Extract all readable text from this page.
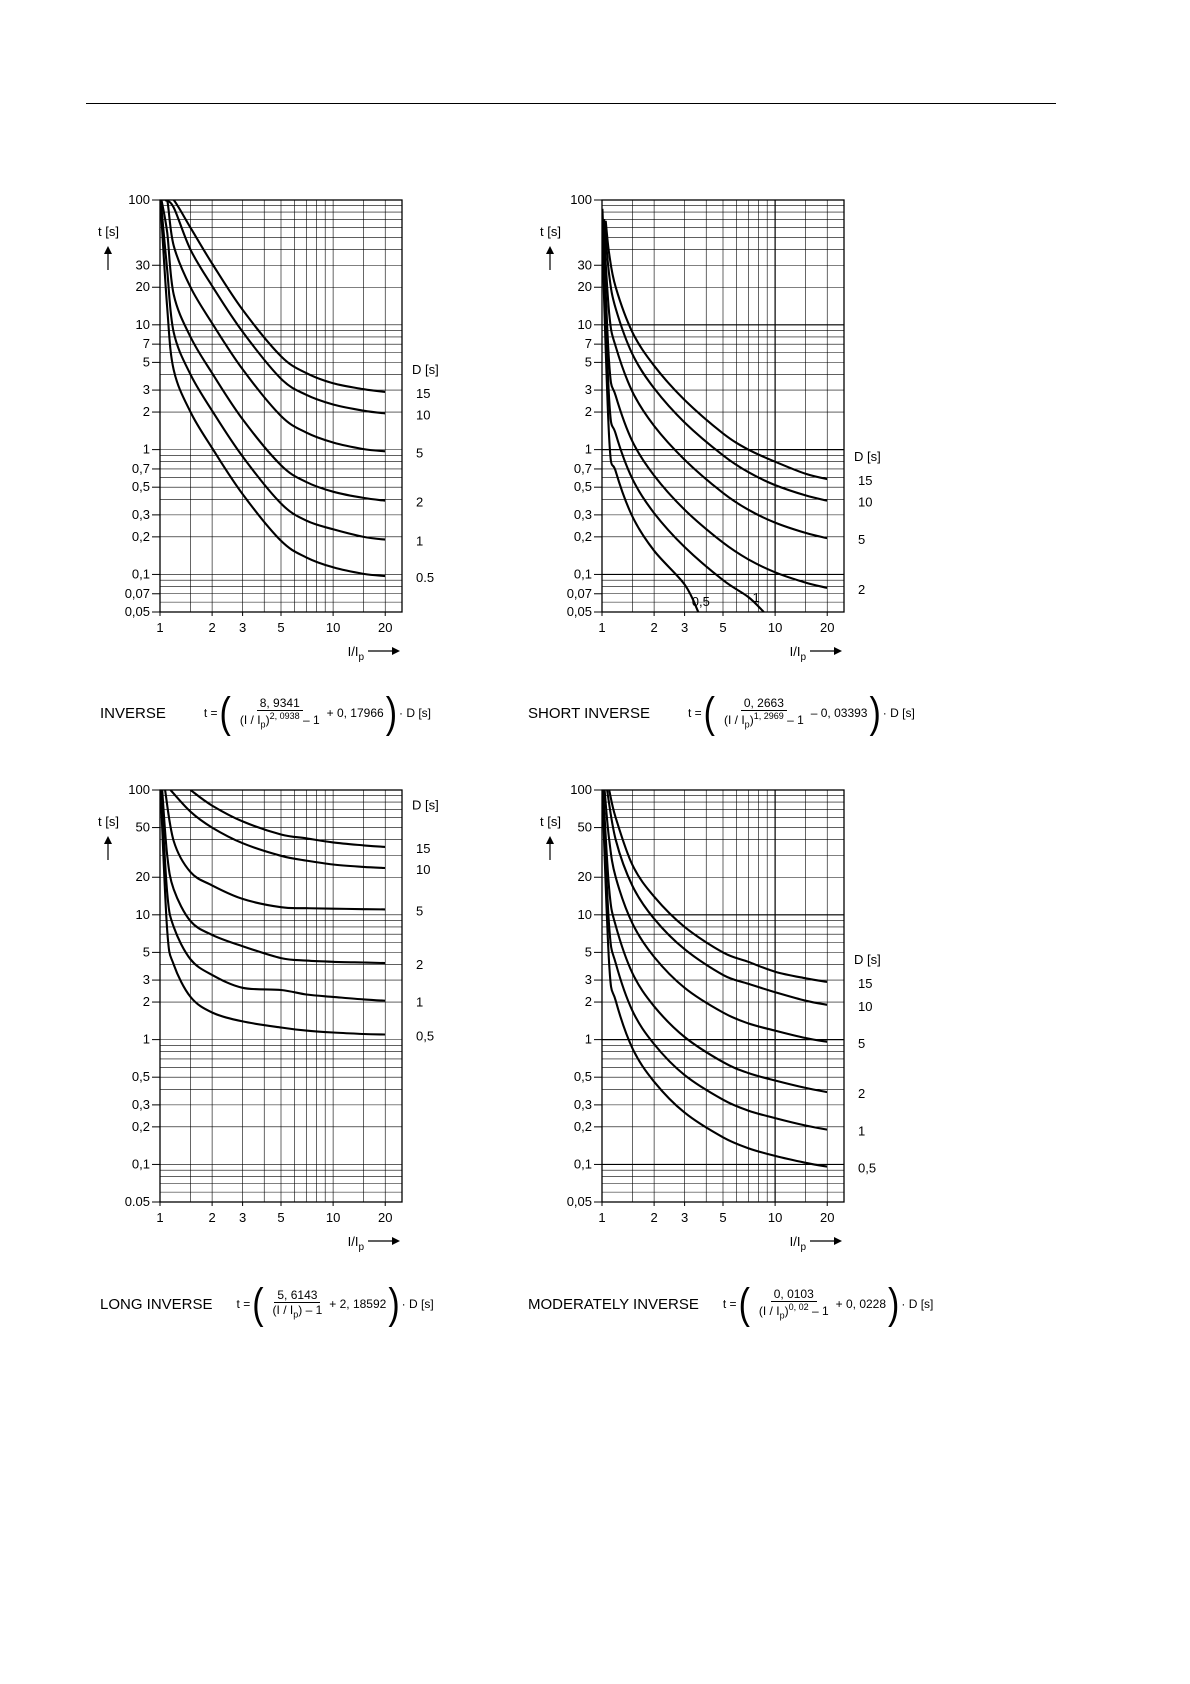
1	2 3 5	10	20
100
30
20
10
7
5
3
2
1
0,7
0,5
0,3
0,2
0,1
0,07
0,05
t [s]
$I/I_p$
D [s]
15
10
5
2
1
0.5
1	2 3 5	10	20
100
30
20
10
7
5
3
2
1
0,7
0,5
0,3
0,2
0,1
0,07
0,05
t [s]
$I/I_p$
D [s]
15
10
5
2
0,5	1
1	2 3 5	10	20
100
50
20
10
5
3
2
1
0,5
0,3
0,2
0,1
0.05
t [s]
$I/I_p$
D [s]
15
10
5
2
1
0,5
1	2 3 5	10	20
100
50
20
10
5
3
2
1
0,5
0,3
0,2
0,1
0,05
t [s]
$I/I_p$
D [s]
15
10
5
2
1
0,5
INVERSE	t = ( $\frac{8, 9341}{(I / I_p)^{2, 0938} - 1} + 0$, 17966 ) · D [s]	SHORT INVERSE	t = ( $\frac{0, 2663}{(I / I_p)^{1, 2969} - 1} - 0$, 03393 ) · D [s]
LONG INVERSE t = ( $\frac{5, 6143}{(I / I_p) - 1} + 2$, 18592 ) · D [s]	MODERATELY INVERSE t = ( $\frac{0, 0103}{(I / I_p)^{0, 02} - 1} + 0$, 0228 ) · D [s]
